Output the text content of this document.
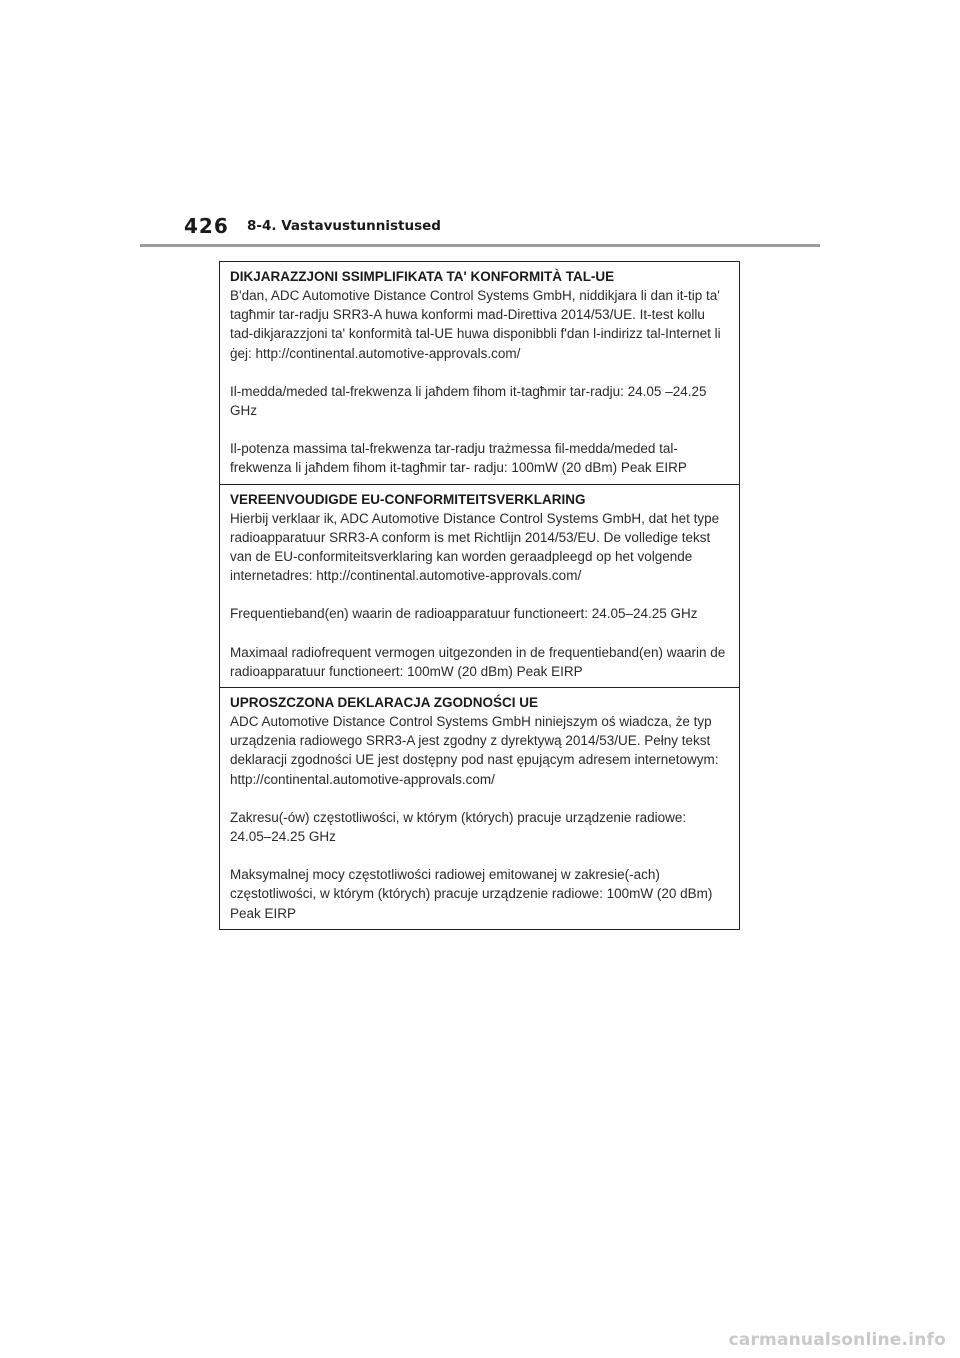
426 8-4. Vastavustunnistused
DIKJARAZZJONI SSIMPLIFIKATA TA' KONFORMITÀ TAL-UE

B'dan, ADC Automotive Distance Control Systems GmbH, niddikjara li dan it-tip ta' tagħmir tar-radju SRR3-A huwa konformi mad-Direttiva 2014/53/UE. It-test kollu tad-dikjarazzjoni ta' konformità tal-UE huwa disponibbli f'dan l-indirizz tal-Internet li ġej: http://continental.automotive-approvals.com/

Il-medda/meded tal-frekwenza li jaħdem fihom it-tagħmir tar-radju: 24.05 –24.25 GHz

Il-potenza massima tal-frekwenza tar-radju trażmessa fil-medda/meded tal-frekwenza li jaħdem fihom it-tagħmir tar- radju: 100mW (20 dBm) Peak EIRP

VEREENVOUDIGDE EU-CONFORMITEITSVERKLARING

Hierbij verklaar ik, ADC Automotive Distance Control Systems GmbH, dat het type radioapparatuur SRR3-A conform is met Richtlijn 2014/53/EU. De volledige tekst van de EU-conformiteitsverklaring kan worden geraadpleegd op het volgende internetadres: http://continental.automotive-approvals.com/

Frequentieband(en) waarin de radioapparatuur functioneert: 24.05–24.25 GHz

Maximaal radiofrequent vermogen uitgezonden in de frequentieband(en) waarin de radioapparatuur functioneert: 100mW (20 dBm) Peak EIRP

UPROSZCZONA DEKLARACJA ZGODNOŚCI UE

ADC Automotive Distance Control Systems GmbH niniejszym oś wiadcza, że typ urządzenia radiowego SRR3-A jest zgodny z dyrektywą 2014/53/UE. Pełny tekst deklaracji zgodności UE jest dostępny pod nast ępującym adresem internetowym: http://continental.automotive-approvals.com/

Zakresu(-ów) częstotliwości, w którym (których) pracuje urządzenie radiowe: 24.05–24.25 GHz

Maksymalnej mocy częstotliwości radiowej emitowanej w zakresie(-ach) częstotliwości, w którym (których) pracuje urządzenie radiowe: 100mW (20 dBm) Peak EIRP

carmanualsonline.info
